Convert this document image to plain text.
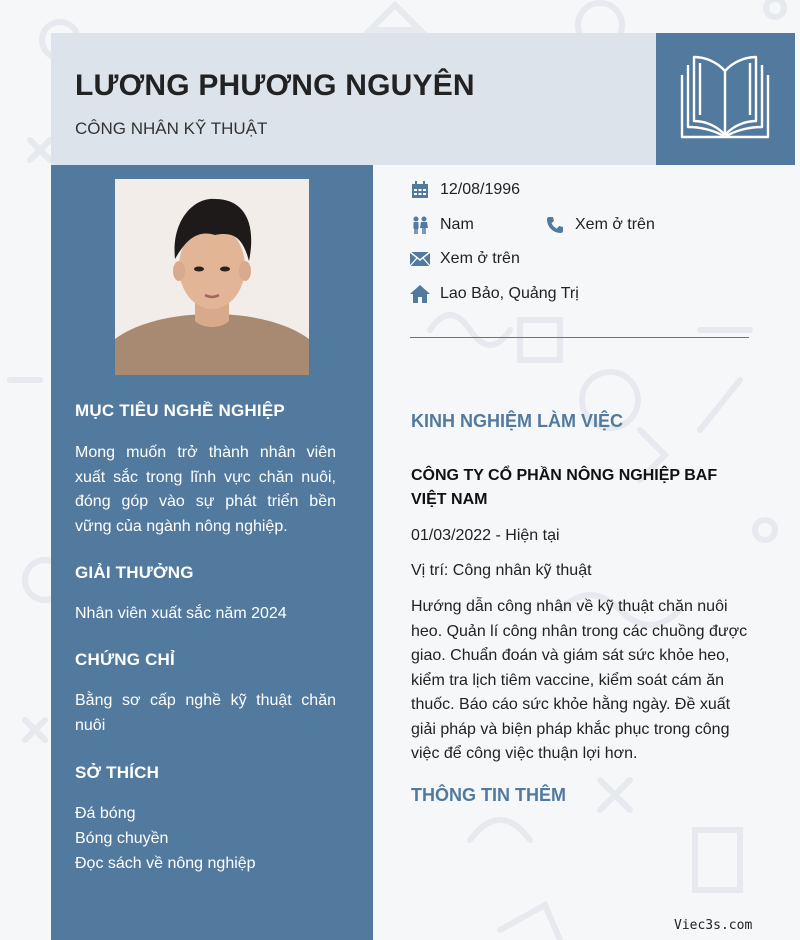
LƯƠNG PHƯƠNG NGUYÊN

CÔNG NHÂN KỸ THUẬT

MỤC TIÊU NGHỀ NGHIỆP

Mong muốn trở thành nhân viên xuất sắc trong lĩnh vực chăn nuôi, đóng góp vào sự phát triển bền vững của ngành nông nghiệp.

GIẢI THƯỞNG

Nhân viên xuất sắc năm 2024

CHỨNG CHỈ

Bằng sơ cấp nghề kỹ thuật chăn nuôi

SỞ THÍCH
Đá bóng
Bóng chuyền
Đọc sách về nông nghiệp
12/08/1996
Nam	Xem ở trên
Xem ở trên
Lao Bảo, Quảng Trị
KINH NGHIỆM LÀM VIỆC

CÔNG TY CỔ PHẦN NÔNG NGHIỆP BAF VIỆT NAM

01/03/2022 - Hiện tại

Vị trí: Công nhân kỹ thuật

Hướng dẫn công nhân về kỹ thuật chăn nuôi heo. Quản lí công nhân trong các chuồng được giao. Chuẩn đoán và giám sát sức khỏe heo, kiểm tra lịch tiêm vaccine, kiểm soát cám ăn thuốc. Báo cáo sức khỏe hằng ngày. Đề xuất giải pháp và biện pháp khắc phục trong công việc để công việc thuận lợi hơn.

THÔNG TIN THÊM

Viec3s.com
